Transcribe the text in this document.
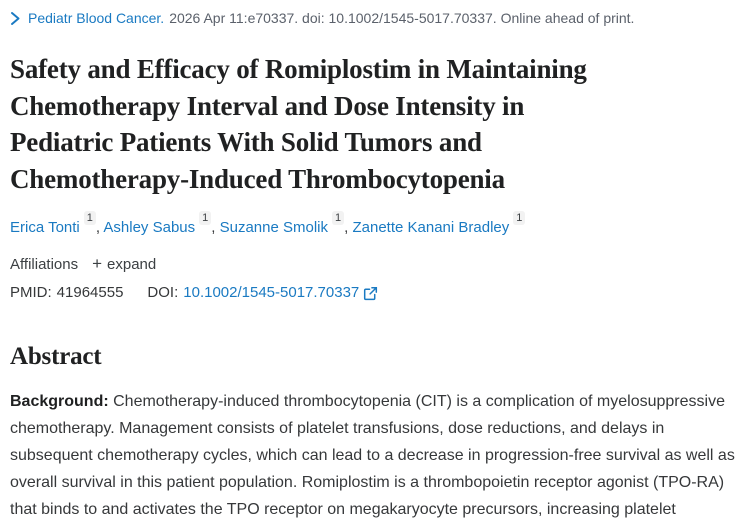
Pediatr Blood Cancer. 2026 Apr 11:e70337. doi: 10.1002/1545-5017.70337. Online ahead of print.
Safety and Efficacy of Romiplostim in Maintaining
Chemotherapy Interval and Dose Intensity in
Pediatric Patients With Solid Tumors and
Chemotherapy-Induced Thrombocytopenia
Erica Tonti$^1$, Ashley Sabus$^1$, Suzanne Smolik$^1$, Zanette Kanani Bradley$^1$
Affiliations + expand
PMID: 41964555 DOI: 10.1002/1545-5017.70337
Abstract

Background: Chemotherapy-induced thrombocytopenia (CIT) is a complication of myelosuppressive chemotherapy. Management consists of platelet transfusions, dose reductions, and delays in subsequent chemotherapy cycles, which can lead to a decrease in progression-free survival as well as overall survival in this patient population. Romiplostim is a thrombopoietin receptor agonist (TPO-RA) that binds to and activates the TPO receptor on megakaryocyte precursors, increasing platelet
